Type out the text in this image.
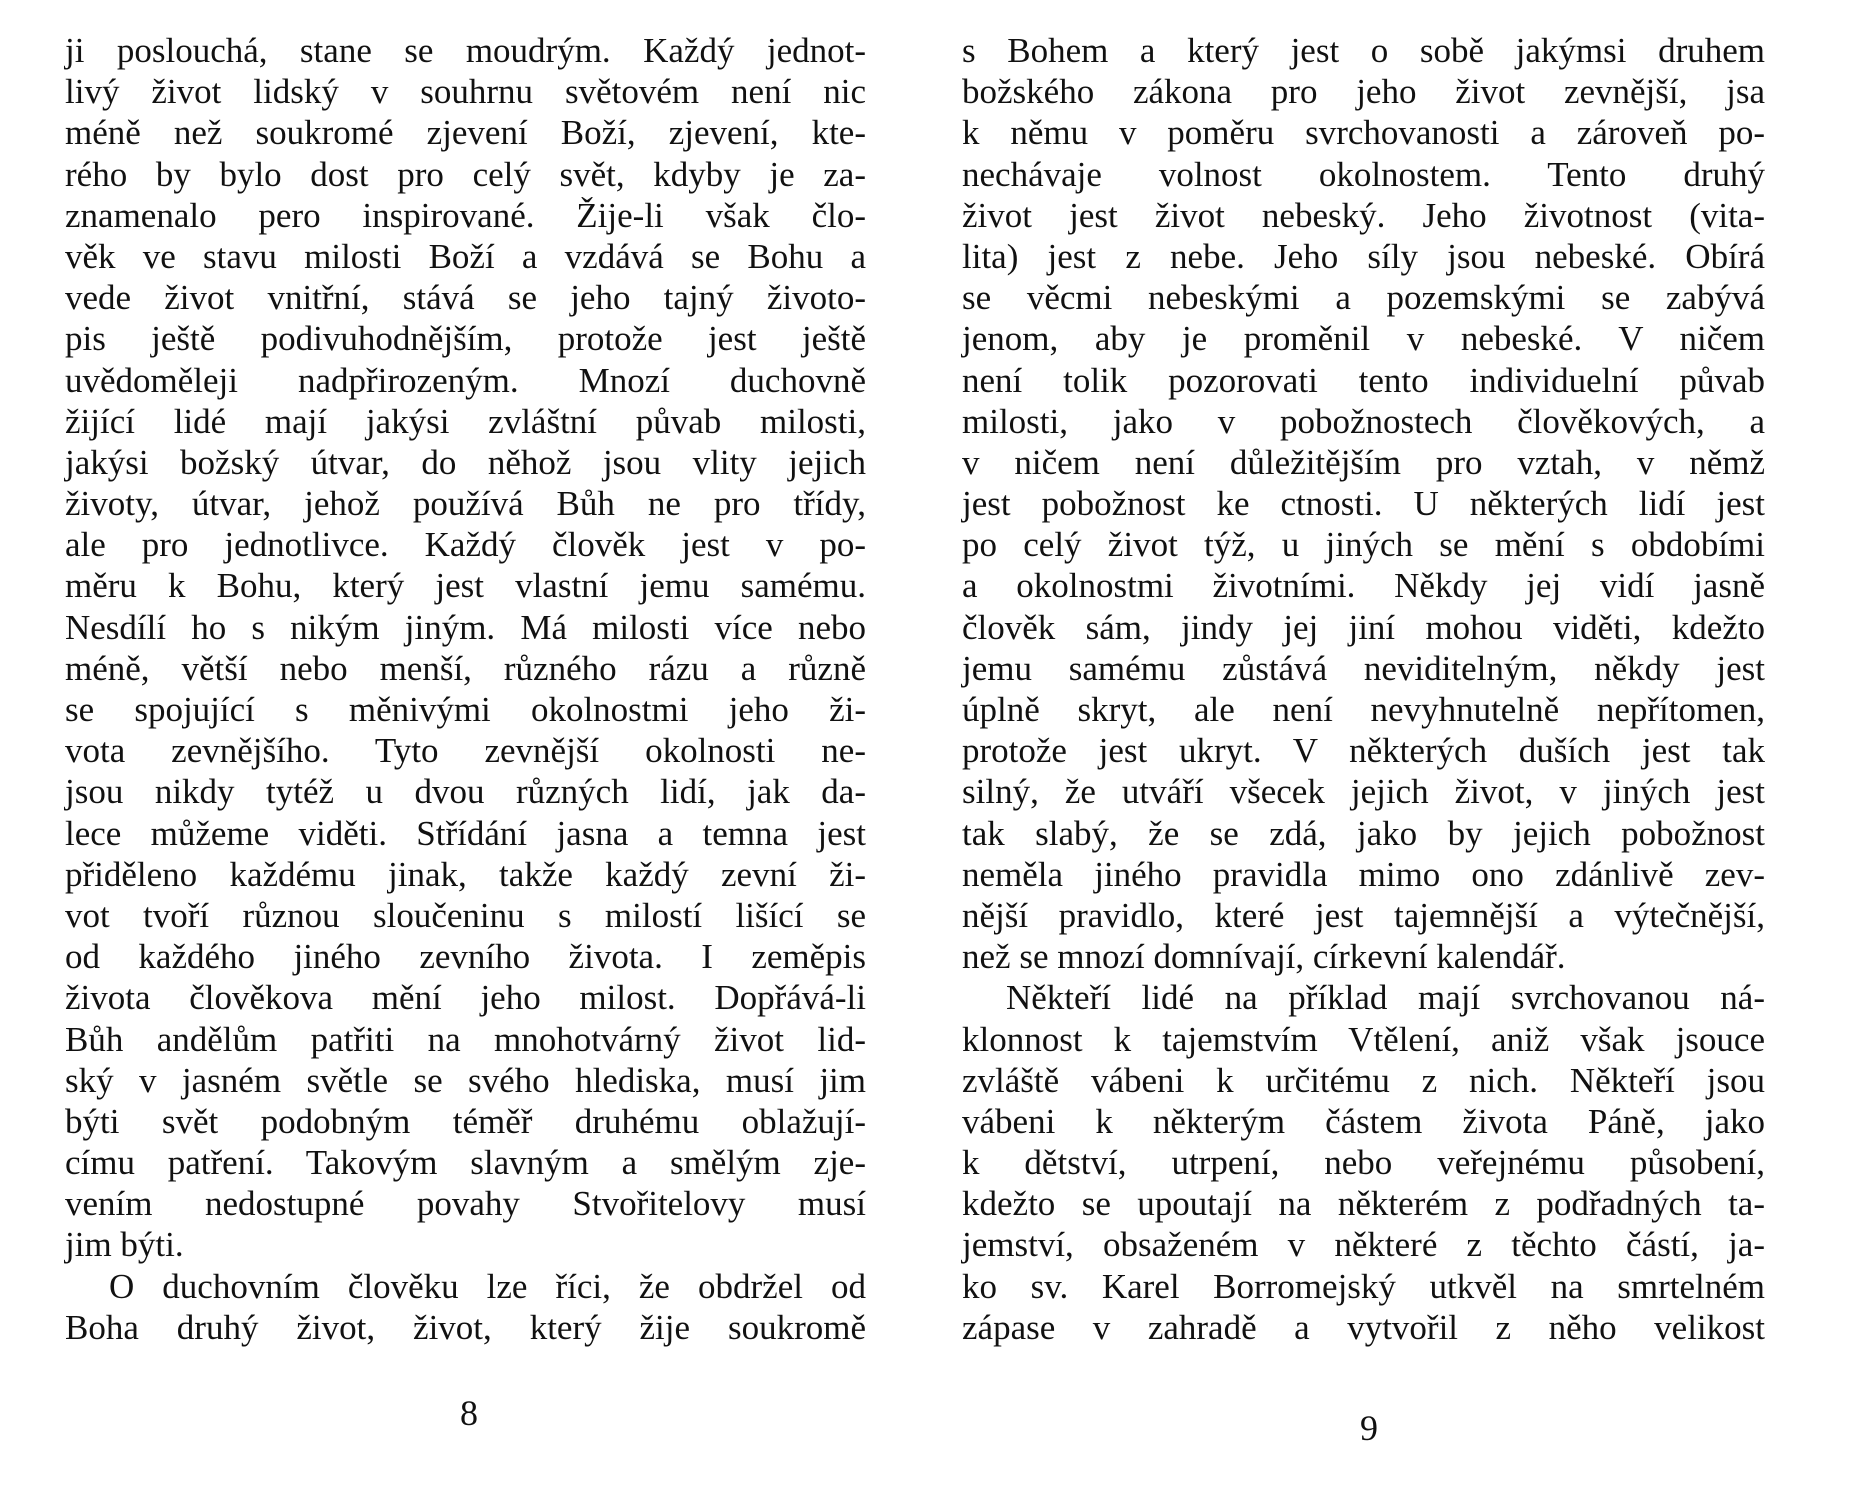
ji poslouchá, stane se moudrým. Každý jednot-
livý život lidský v souhrnu světovém není nic
méně než soukromé zjevení Boží, zjevení, kte-
rého by bylo dost pro celý svět, kdyby je za-
znamenalo pero inspirované. Žije-li však člo-
věk ve stavu milosti Boží a vzdává se Bohu a
vede život vnitřní, stává se jeho tajný životo-
pis ještě podivuhodnějším, protože jest ještě
uvědoměleji nadpřirozeným. Mnozí duchovně
žijící lidé mají jakýsi zvláštní půvab milosti,
jakýsi božský útvar, do něhož jsou vlity jejich
životy, útvar, jehož používá Bůh ne pro třídy,
ale pro jednotlivce. Každý člověk jest v po-
měru k Bohu, který jest vlastní jemu samému.
Nesdílí ho s nikým jiným. Má milosti více nebo
méně, větší nebo menší, různého rázu a různě
se spojující s měnivými okolnostmi jeho ži-
vota zevnějšího. Tyto zevnější okolnosti ne-
jsou nikdy tytéž u dvou různých lidí, jak da-
lece můžeme viděti. Střídání jasna a temna jest
přiděleno každému jinak, takže každý zevní ži-
vot tvoří různou sloučeninu s milostí lišící se
od každého jiného zevního života. I zeměpis
života člověkova mění jeho milost. Dopřává-li
Bůh andělům patřiti na mnohotvárný život lid-
ský v jasném světle se svého hlediska, musí jim
býti svět podobným téměř druhému oblažují-
címu patření. Takovým slavným a smělým zje-
vením nedostupné povahy Stvořitelovy musí
jim býti.
O duchovním člověku lze říci, že obdržel od
Boha druhý život, život, který žije soukromě
8
s Bohem a který jest o sobě jakýmsi druhem
božského zákona pro jeho život zevnější, jsa
k němu v poměru svrchovanosti a zároveň po-
nechávaje volnost okolnostem. Tento druhý
život jest život nebeský. Jeho životnost (vita-
lita) jest z nebe. Jeho síly jsou nebeské. Obírá
se věcmi nebeskými a pozemskými se zabývá
jenom, aby je proměnil v nebeské. V ničem
není tolik pozorovati tento individuelní půvab
milosti, jako v pobožnostech člověkových, a
v ničem není důležitějším pro vztah, v němž
jest pobožnost ke ctnosti. U některých lidí jest
po celý život týž, u jiných se mění s obdobími
a okolnostmi životními. Někdy jej vidí jasně
člověk sám, jindy jej jiní mohou viděti, kdežto
jemu samému zůstává neviditelným, někdy jest
úplně skryt, ale není nevyhnutelně nepřítomen,
protože jest ukryt. V některých duších jest tak
silný, že utváří všecek jejich život, v jiných jest
tak slabý, že se zdá, jako by jejich pobožnost
neměla jiného pravidla mimo ono zdánlivě zev-
nější pravidlo, které jest tajemnější a výtečnější,
než se mnozí domnívají, církevní kalendář.
Někteří lidé na příklad mají svrchovanou ná-
klonnost k tajemstvím Vtělení, aniž však jsouce
zvláště vábeni k určitému z nich. Někteří jsou
vábeni k některým částem života Páně, jako
k dětství, utrpení, nebo veřejnému působení,
kdežto se upoutají na některém z podřadných ta-
jemství, obsaženém v některé z těchto částí, ja-
ko sv. Karel Borromejský utkvěl na smrtelném
zápase v zahradě a vytvořil z něho velikost
9
